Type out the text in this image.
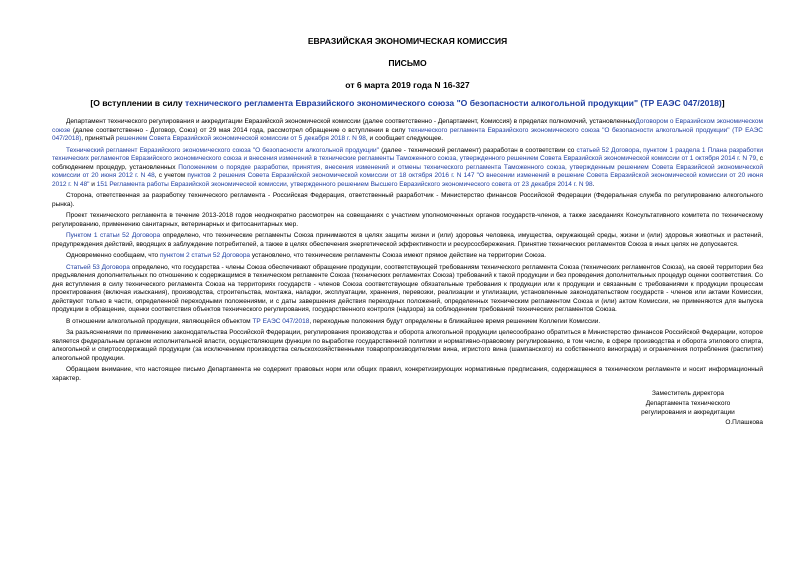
ЕВРАЗИЙСКАЯ ЭКОНОМИЧЕСКАЯ КОМИССИЯ
ПИСЬМО
от 6 марта 2019 года N 16-327
[О вступлении в силу технического регламента Евразийского экономического союза "О безопасности алкогольной продукции" (ТР ЕАЭС 047/2018)]

Департамент технического регулирования и аккредитации Евразийской экономической комиссии (далее соответственно - Департамент, Комиссия) в пределах полномочий, установленныхДоговором о Евразийском экономическом союзе (далее соответственно - Договор, Союз) от 29 мая 2014 года, рассмотрел обращение о вступлении в силу технического регламента Евразийского экономического союза "О безопасности алкогольной продукции" (ТР ЕАЭС 047/2018), принятый решением Совета Евразийской экономической комиссии от 5 декабря 2018 г. N 98, и сообщает следующее.

Технический регламент Евразийского экономического союза "О безопасности алкогольной продукции" (далее - технический регламент) разработан в соответствии со статьей 52 Договора, пунктом 1 раздела 1 Плана разработки технических регламентов Евразийского экономического союза и внесения изменений в технические регламенты Таможенного союза, утвержденного решением Совета Евразийской экономической комиссии от 1 октября 2014 г. N 79, с соблюдением процедур, установленных Положением о порядке разработки, принятия, внесения изменений и отмены технического регламента Таможенного союза, утвержденным решением Совета Евразийской экономической комиссии от 20 июня 2012 г. N 48, с учетом пунктов 2 решения Совета Евразийской экономической комиссии от 18 октября 2016 г. N 147 "О внесении изменений в решение Совета Евразийской экономической комиссии от 20 июня 2012 г. N 48" и 151 Регламента работы Евразийской экономической комиссии, утвержденного решением Высшего Евразийского экономического совета от 23 декабря 2014 г. N 98.

Сторона, ответственная за разработку технического регламента - Российская Федерация, ответственный разработчик - Министерство финансов Российской Федерации (Федеральная служба по регулированию алкогольного рынка).

Проект технического регламента в течение 2013-2018 годов неоднократно рассмотрен на совещаниях с участием уполномоченных органов государств-членов, а также заседаниях Консультативного комитета по техническому регулированию, применению санитарных, ветеринарных и фитосанитарных мер.

Пунктом 1 статьи 52 Договора определено, что технические регламенты Союза принимаются в целях защиты жизни и (или) здоровья человека, имущества, окружающей среды, жизни и (или) здоровья животных и растений, предупреждения действий, вводящих в заблуждение потребителей, а также в целях обеспечения энергетической эффективности и ресурсосбережения. Принятие технических регламентов Союза в иных целях не допускается.

Одновременно сообщаем, что пунктом 2 статьи 52 Договора установлено, что технические регламенты Союза имеют прямое действие на территории Союза.

Статьей 53 Договора определено, что государства - члены Союза обеспечивают обращение продукции, соответствующей требованиям технического регламента Союза (технических регламентов Союза), на своей территории без предъявления дополнительных по отношению к содержащимся в техническом регламенте Союза (технических регламентах Союза) требований к такой продукции и без проведения дополнительных процедур оценки соответствия. Со дня вступления в силу технического регламента Союза на территориях государств - членов Союза соответствующие обязательные требования к продукции или к продукции и связанным с требованиями к продукции процессам проектирования (включая изыскания), производства, строительства, монтажа, наладки, эксплуатации, хранения, перевозки, реализации и утилизации, установленные законодательством государств - членов или актами Комиссии, действуют только в части, определенной переходными положениями, и с даты завершения действия переходных положений, определенных техническим регламентом Союза и (или) актом Комиссии, не применяются для выпуска продукции в обращение, оценки соответствия объектов технического регулирования, государственного контроля (надзора) за соблюдением требований технических регламентов Союза.

В отношении алкогольной продукции, являющейся объектом ТР ЕАЭС 047/2018, переходные положения будут определены в ближайшее время решением Коллегии Комиссии.

За разъяснениями по применению законодательства Российской Федерации, регулирования производства и оборота алкогольной продукции целесообразно обратиться в Министерство финансов Российской Федерации, которое является федеральным органом исполнительной власти, осуществляющим функции по выработке государственной политики и нормативно-правовому регулированию, в том числе, в сфере производства и оборота этилового спирта, алкогольной и спиртосодержащей продукции (за исключением производства сельскохозяйственными товаропроизводителями вина, игристого вина (шампанского) из собственного винограда) и ограничения потребления (распития) алкогольной продукции.

Обращаем внимание, что настоящее письмо Департамента не содержит правовых норм или общих правил, конкретизирующих нормативные предписания, содержащиеся в техническом регламенте и носит информационный характер.

Заместитель директора
Департамента технического
регулирования и аккредитации
О.Плашкова
